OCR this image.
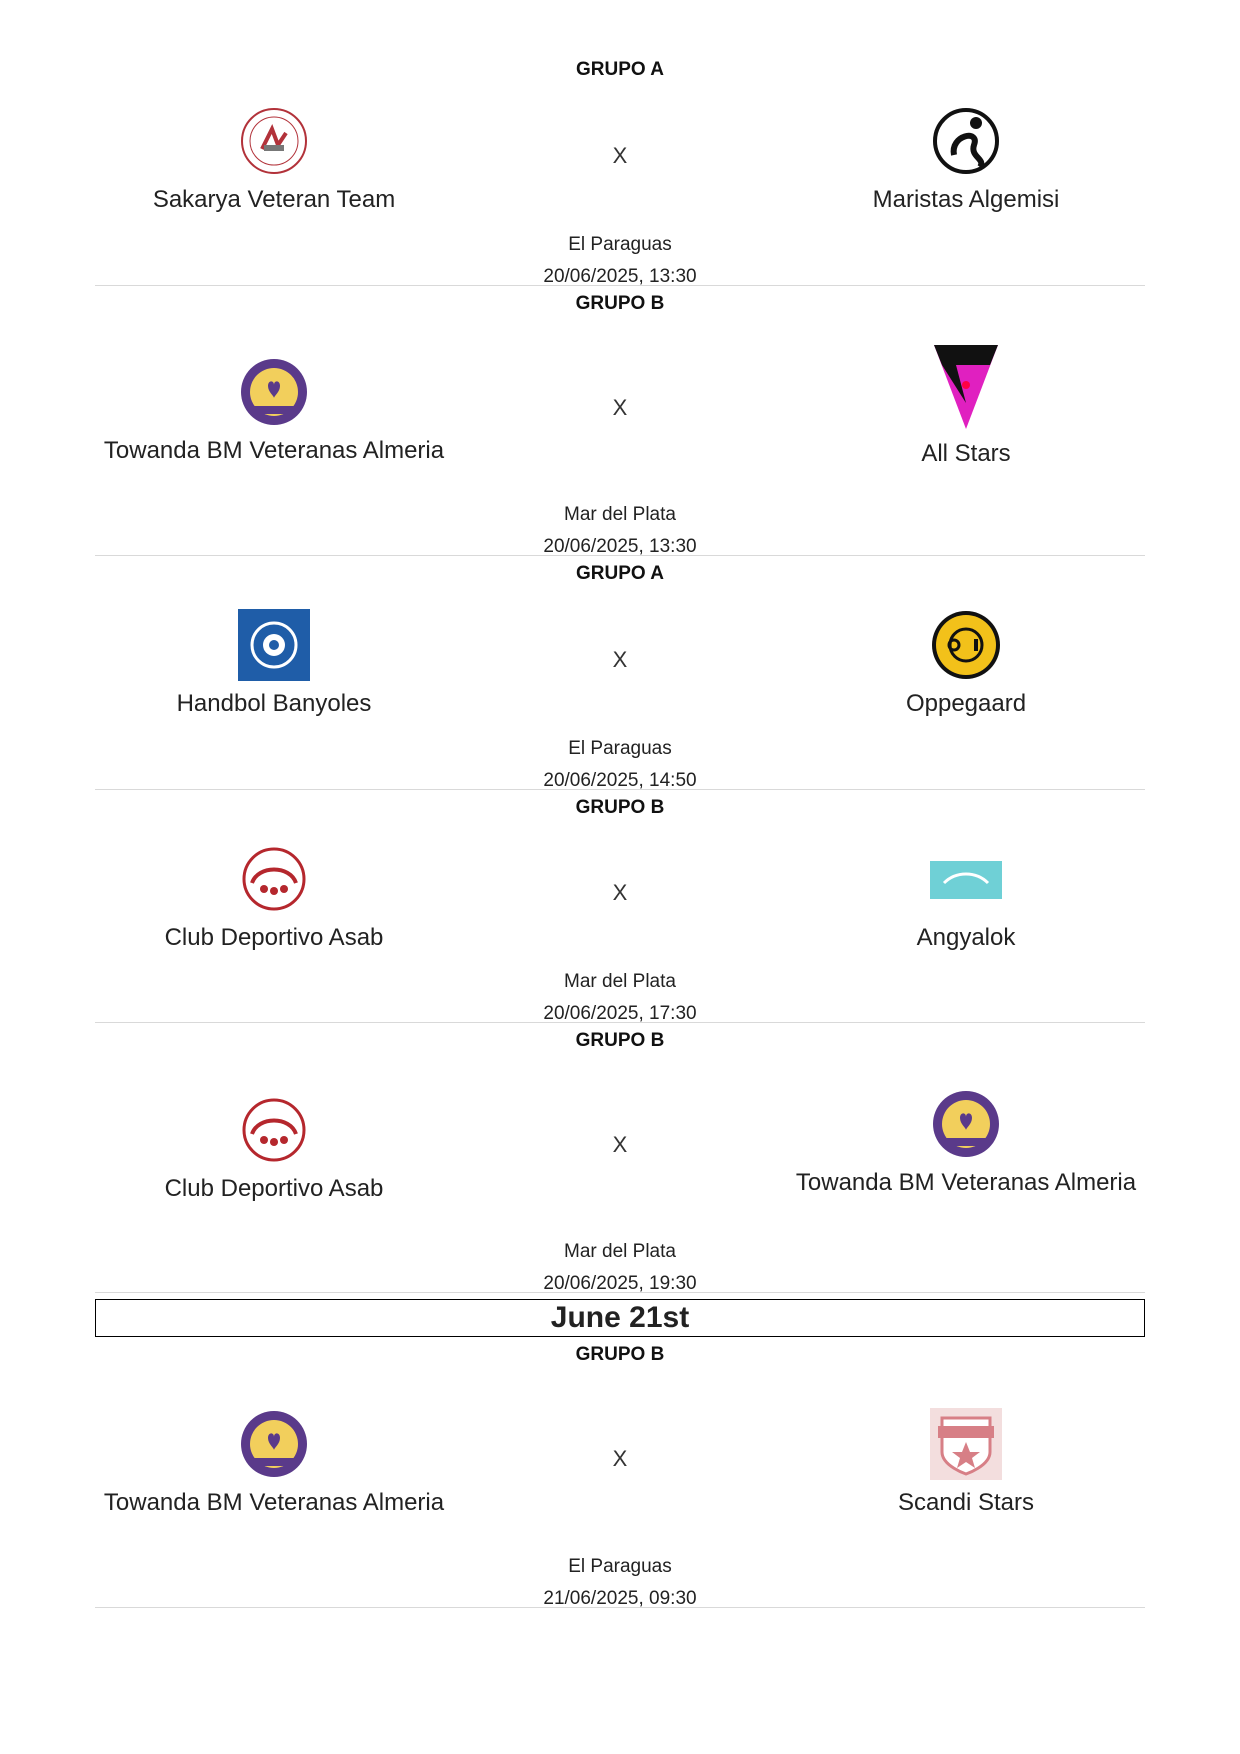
GRUPO A
Sakarya Veteran Team
X
Maristas Algemisi
El Paraguas
20/06/2025, 13:30
GRUPO B
Towanda BM Veteranas Almeria
X
All Stars
Mar del Plata
20/06/2025, 13:30
GRUPO A
Handbol Banyoles
X
Oppegaard
El Paraguas
20/06/2025, 14:50
GRUPO B
Club Deportivo Asab
X
Angyalok
Mar del Plata
20/06/2025, 17:30
GRUPO B
Club Deportivo Asab
X
Towanda BM Veteranas Almeria
Mar del Plata
20/06/2025, 19:30
June 21st
GRUPO B
Towanda BM Veteranas Almeria
X
Scandi Stars
El Paraguas
21/06/2025, 09:30
